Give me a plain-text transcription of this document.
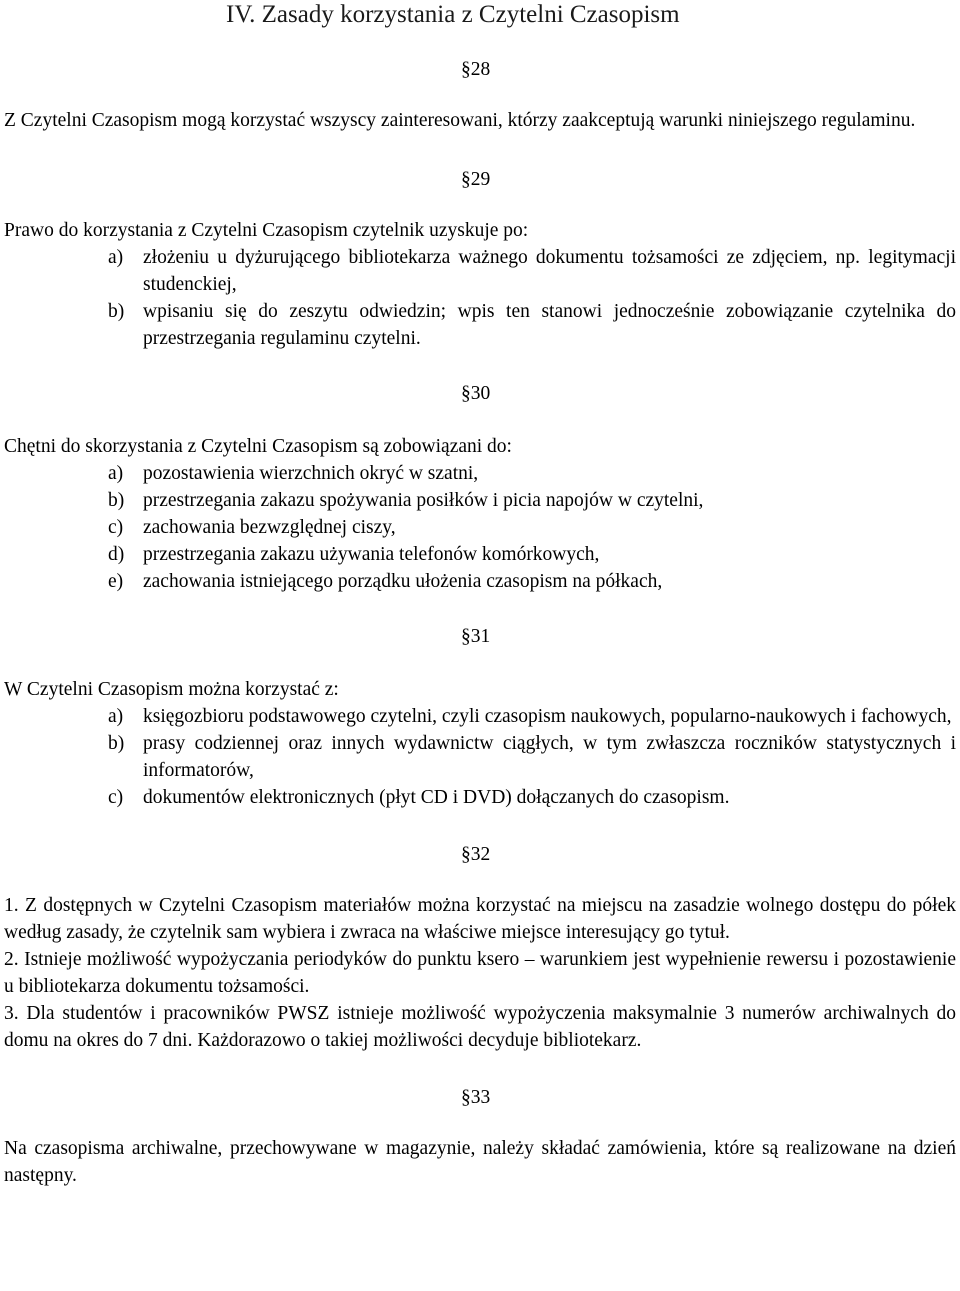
IV. Zasady korzystania z Czytelni Czasopism

§28

Z Czytelni Czasopism mogą korzystać wszyscy zainteresowani, którzy zaakceptują warunki niniejszego regulaminu.

§29

Prawo do korzystania z Czytelni Czasopism czytelnik uzyskuje po:

a) złożeniu u dyżurującego bibliotekarza ważnego dokumentu tożsamości ze zdjęciem, np. legitymacji studenckiej,
b) wpisaniu się do zeszytu odwiedzin; wpis ten stanowi jednocześnie zobowiązanie czytelnika do przestrzegania regulaminu czytelni.

§30

Chętni do skorzystania z Czytelni Czasopism są zobowiązani do:

a) pozostawienia wierzchnich okryć w szatni,
b) przestrzegania zakazu spożywania posiłków i picia napojów w czytelni,
c) zachowania bezwzględnej ciszy,
d) przestrzegania zakazu używania telefonów komórkowych,
e) zachowania istniejącego porządku ułożenia czasopism na półkach,

§31

W Czytelni Czasopism można korzystać z:

a) księgozbioru podstawowego czytelni, czyli czasopism naukowych, popularno-naukowych i fachowych,
b) prasy codziennej oraz innych wydawnictw ciągłych, w tym zwłaszcza roczników statystycznych i informatorów,
c) dokumentów elektronicznych (płyt CD i DVD) dołączanych do czasopism.

§32

1. Z dostępnych w Czytelni Czasopism materiałów można korzystać na miejscu na zasadzie wolnego dostępu do półek według zasady, że czytelnik sam wybiera i zwraca na właściwe miejsce interesujący go tytuł.

2. Istnieje możliwość wypożyczania periodyków do punktu ksero – warunkiem jest wypełnienie rewersu i pozostawienie u bibliotekarza dokumentu tożsamości.

3. Dla studentów i pracowników PWSZ istnieje możliwość wypożyczenia maksymalnie 3 numerów archiwalnych do domu na okres do 7 dni. Każdorazowo o takiej możliwości decyduje bibliotekarz.

§33

Na czasopisma archiwalne, przechowywane w magazynie, należy składać zamówienia, które są realizowane na dzień następny.
